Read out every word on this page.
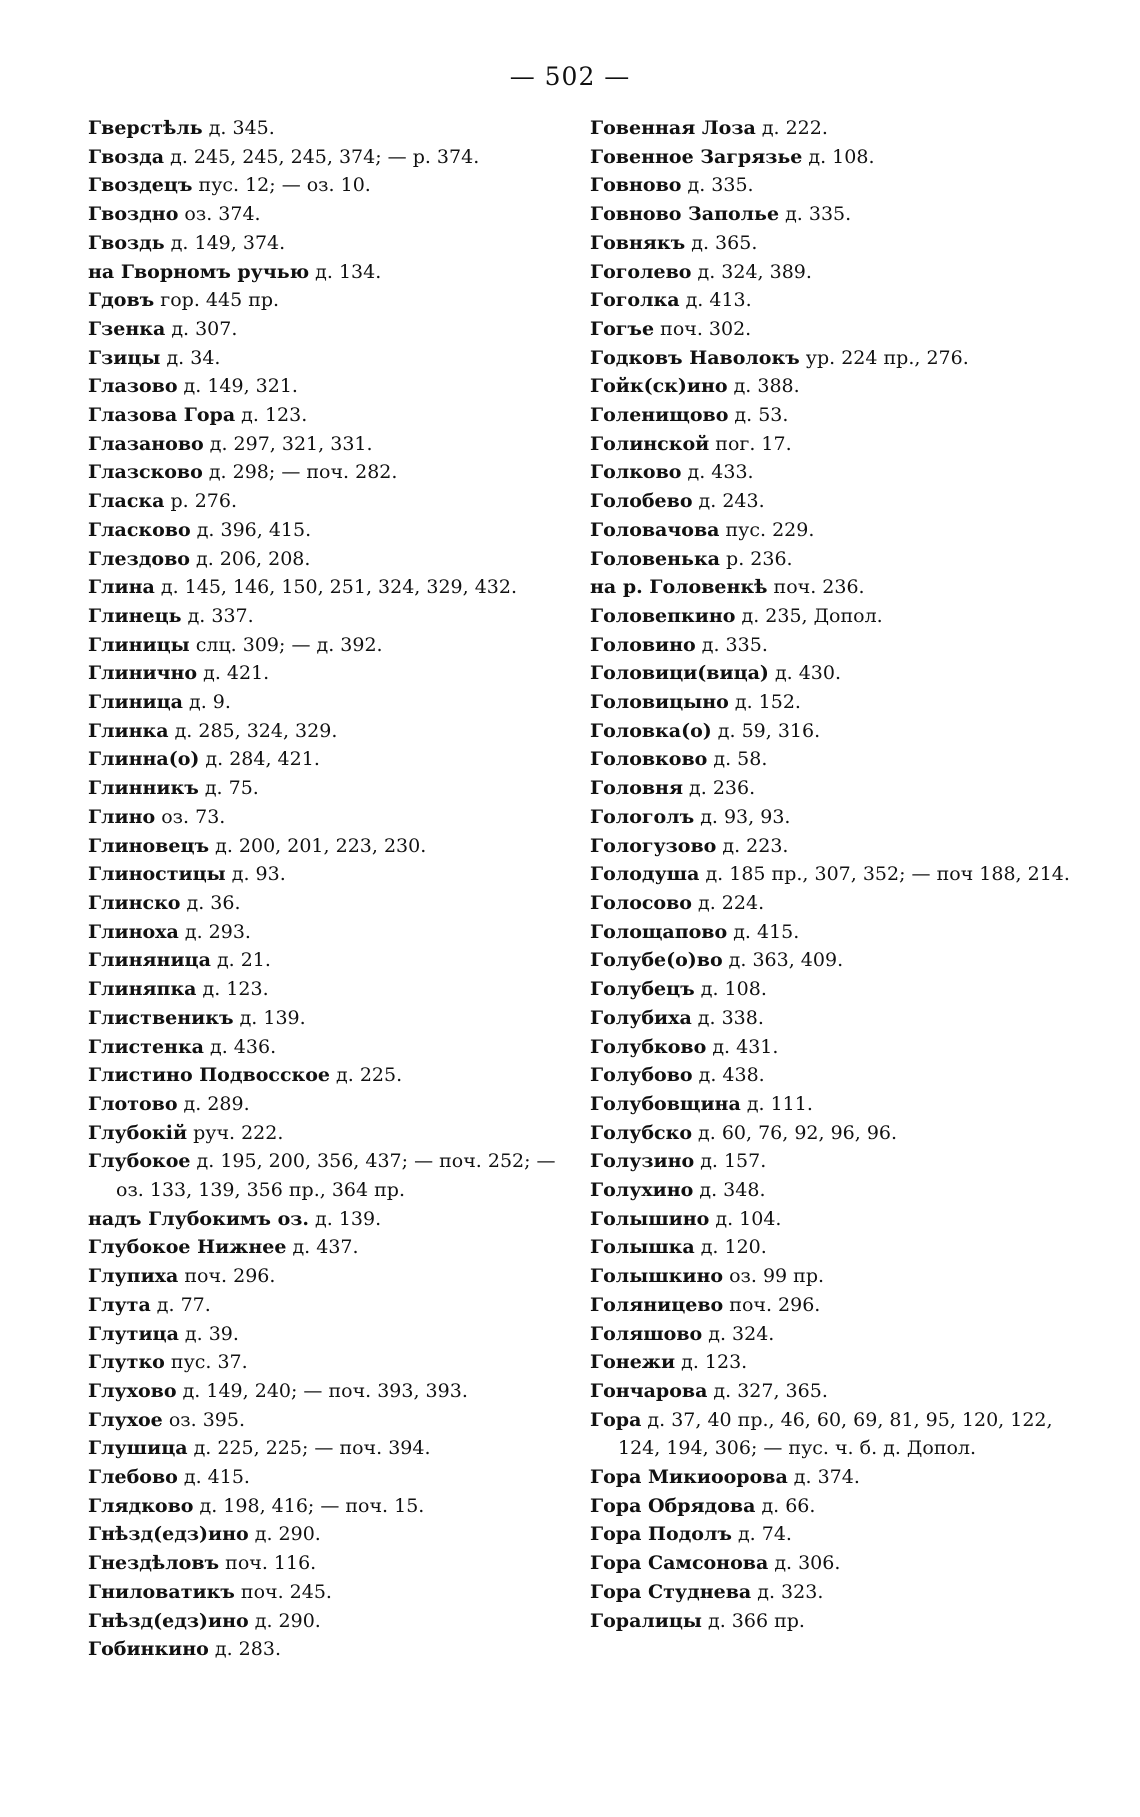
— 502 —
Гверстѣль д. 345.
Гвозда д. 245, 245, 245, 374; — р. 374.
Гвоздецъ пус. 12; — оз. 10.
Гвоздно оз. 374.
Гвоздь д. 149, 374.
на Гворномъ ручью д. 134.
Гдовъ гор. 445 пр.
Гзенка д. 307.
Гзицы д. 34.
Глазово д. 149, 321.
Глазова Гора д. 123.
Глазаново д. 297, 321, 331.
Глазсково д. 298; — поч. 282.
Гласка р. 276.
Гласково д. 396, 415.
Глездово д. 206, 208.
Глина д. 145, 146, 150, 251, 324, 329, 432.
Глинець д. 337.
Глиницы слц. 309; — д. 392.
Глинично д. 421.
Глиница д. 9.
Глинка д. 285, 324, 329.
Глинна(о) д. 284, 421.
Глинникъ д. 75.
Глино оз. 73.
Глиновецъ д. 200, 201, 223, 230.
Глиностицы д. 93.
Глинско д. 36.
Глиноха д. 293.
Глиняница д. 21.
Глиняпка д. 123.
Глиственикъ д. 139.
Глистенка д. 436.
Глистино Подвосское д. 225.
Глотово д. 289.
Глубокій руч. 222.
Глубокое д. 195, 200, 356, 437; — поч. 252; — оз. 133, 139, 356 пр., 364 пр.
надъ Глубокимъ оз. д. 139.
Глубокое Нижнее д. 437.
Глупиха поч. 296.
Глута д. 77.
Глутица д. 39.
Глутко пус. 37.
Глухово д. 149, 240; — поч. 393, 393.
Глухое оз. 395.
Глушица д. 225, 225; — поч. 394.
Глебово д. 415.
Глядково д. 198, 416; — поч. 15.
Гнѣзд(едз)ино д. 290.
Гнездѣловъ поч. 116.
Гниловатикъ поч. 245.
Гнѣзд(едз)ино д. 290.
Гобинкино д. 283.
Говенная Лоза д. 222.
Говенное Загрязье д. 108.
Говново д. 335.
Говново Заполье д. 335.
Говнякъ д. 365.
Гоголево д. 324, 389.
Гоголка д. 413.
Гогъе поч. 302.
Годковъ Наволокъ ур. 224 пр., 276.
Гойк(ск)ино д. 388.
Голенищово д. 53.
Голинской пог. 17.
Голково д. 433.
Голобево д. 243.
Головачова пус. 229.
Головенька р. 236.
на р. Головенкѣ поч. 236.
Головепкино д. 235, Допол.
Головино д. 335.
Головици(вица) д. 430.
Головицыно д. 152.
Головка(о) д. 59, 316.
Головково д. 58.
Головня д. 236.
Гологолъ д. 93, 93.
Гологузово д. 223.
Голодуша д. 185 пр., 307, 352; — поч 188, 214.
Голосово д. 224.
Голощапово д. 415.
Голубе(о)во д. 363, 409.
Голубецъ д. 108.
Голубиха д. 338.
Голубково д. 431.
Голубово д. 438.
Голубовщина д. 111.
Голубско д. 60, 76, 92, 96, 96.
Голузино д. 157.
Голухино д. 348.
Голышино д. 104.
Голышка д. 120.
Голышкино оз. 99 пр.
Голяницево поч. 296.
Голяшово д. 324.
Гонежи д. 123.
Гончарова д. 327, 365.
Гора д. 37, 40 пр., 46, 60, 69, 81, 95, 120, 122, 124, 194, 306; — пус. ч. б. д. Допол.
Гора Микиоорова д. 374.
Гора Обрядова д. 66.
Гора Подолъ д. 74.
Гора Самсонова д. 306.
Гора Студнева д. 323.
Горалицы д. 366 пр.
